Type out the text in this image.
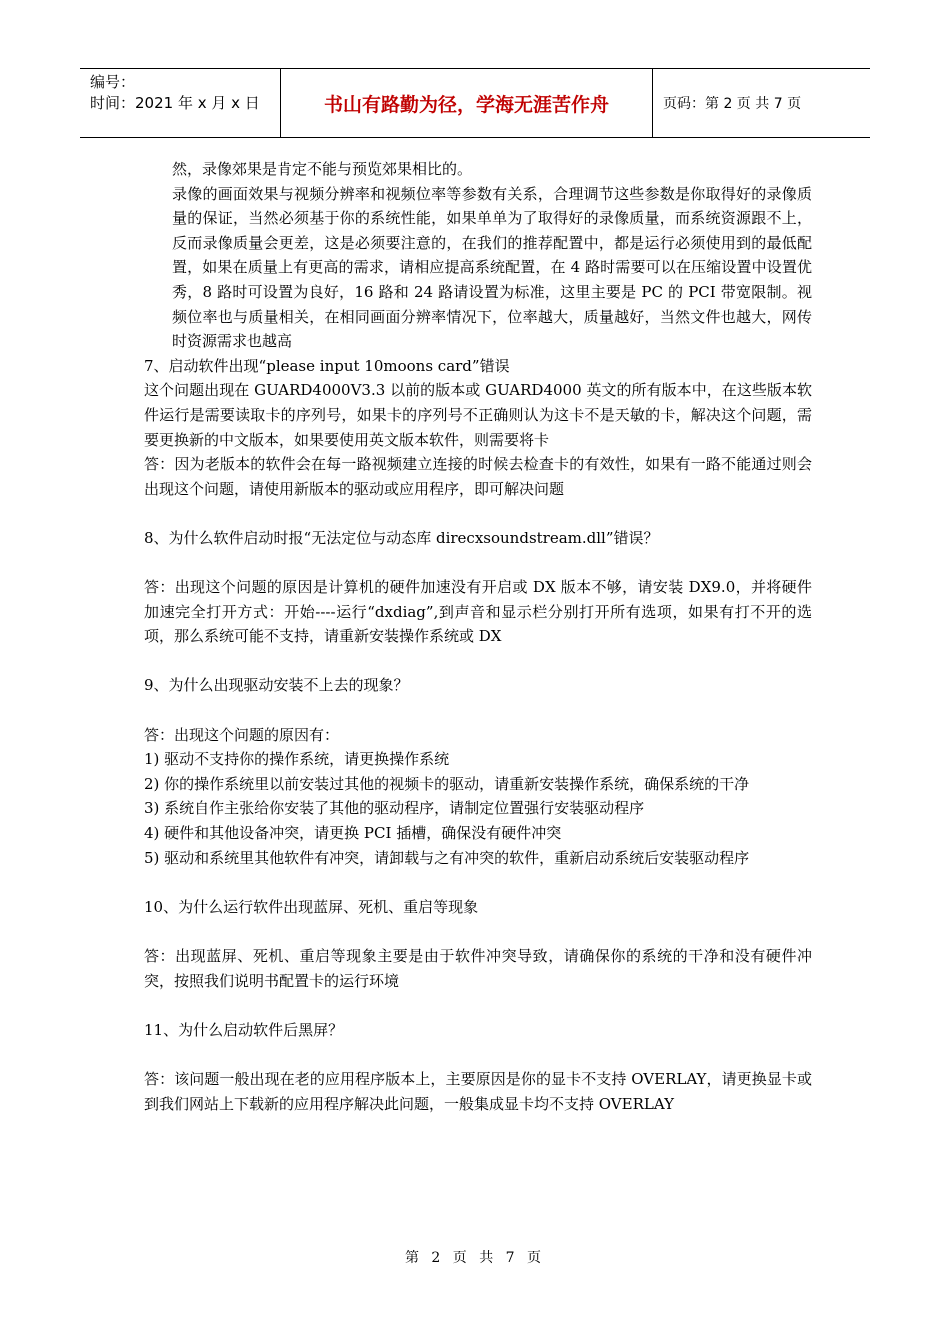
编号：
时间：2021 年 x 月 x 日	书山有路勤为径，学海无涯苦作舟	页码：第 2 页 共 7 页

然，录像郊果是肯定不能与预览郊果相比的。

录像的画面效果与视频分辨率和视频位率等参数有关系，合理调节这些参数是你取得好的录像质量的保证，当然必须基于你的系统性能，如果单单为了取得好的录像质量，而系统资源跟不上，反而录像质量会更差，这是必须要注意的，在我们的推荐配置中，都是运行必须使用到的最低配置，如果在质量上有更高的需求，请相应提高系统配置，在 4 路时需要可以在压缩设置中设置优秀，8 路时可设置为良好，16 路和 24 路请设置为标准，这里主要是 PC 的 PCI 带宽限制。视频位率也与质量相关，在相同画面分辨率情况下，位率越大，质量越好，当然文件也越大，网传时资源需求也越高

7、启动软件出现“please input 10moons card”错误

这个问题出现在 GUARD4000V3.3 以前的版本或 GUARD4000 英文的所有版本中，在这些版本软件运行是需要读取卡的序列号，如果卡的序列号不正确则认为这卡不是天敏的卡，解决这个问题，需要更换新的中文版本，如果要使用英文版本软件，则需要将卡

答：因为老版本的软件会在每一路视频建立连接的时候去检查卡的有效性，如果有一路不能通过则会出现这个问题，请使用新版本的驱动或应用程序，即可解决问题

8、为什么软件启动时报“无法定位与动态库 direcxsoundstream.dll”错误？

答：出现这个问题的原因是计算机的硬件加速没有开启或 DX 版本不够，请安装 DX9.0，并将硬件加速完全打开方式：开始----运行“dxdiag”,到声音和显示栏分别打开所有选项，如果有打不开的选项，那么系统可能不支持，请重新安装操作系统或 DX

9、为什么出现驱动安装不上去的现象？

答：出现这个问题的原因有：

1) 驱动不支持你的操作系统，请更换操作系统

2) 你的操作系统里以前安装过其他的视频卡的驱动，请重新安装操作系统，确保系统的干净

3) 系统自作主张给你安装了其他的驱动程序，请制定位置强行安装驱动程序

4) 硬件和其他设备冲突，请更换 PCI 插槽，确保没有硬件冲突

5) 驱动和系统里其他软件有冲突，请卸载与之有冲突的软件，重新启动系统后安装驱动程序

10、为什么运行软件出现蓝屏、死机、重启等现象

答：出现蓝屏、死机、重启等现象主要是由于软件冲突导致，请确保你的系统的干净和没有硬件冲突，按照我们说明书配置卡的运行环境

11、为什么启动软件后黑屏？

答：该问题一般出现在老的应用程序版本上，主要原因是你的显卡不支持 OVERLAY，请更换显卡或到我们网站上下载新的应用程序解决此问题，一般集成显卡均不支持 OVERLAY

第 2 页 共 7 页
